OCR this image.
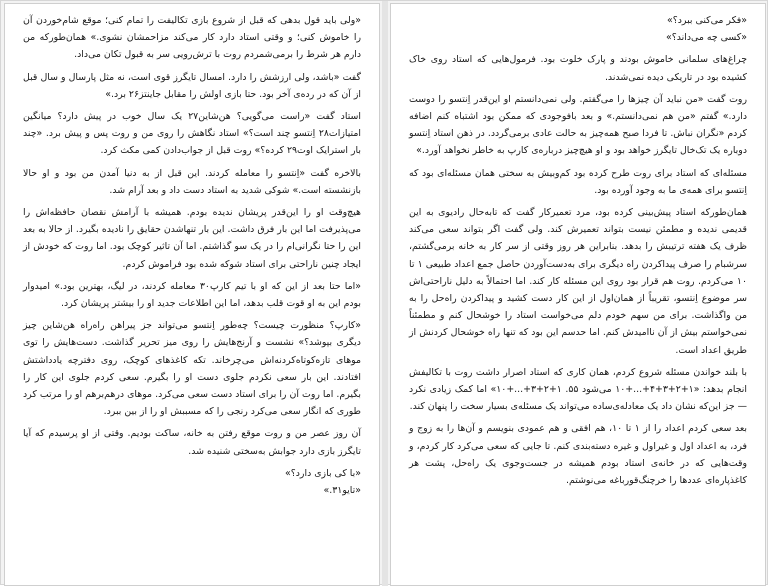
«ولی باید قول بدهی که قبل از شروع بازی تکالیفت را تمام کنی؛ موقع شام‌خوردن آن را خاموش کنی؛ و وقتی استاد دارد کار می‌کند مزاحمشان نشوی.» همان‌طورکه من دارم هر شرط را برمی‌شمردم روت با ترش‌رویی سر به قبول تکان می‌داد.

گفت «باشد، ولی ارزشش را دارد. امسال تایگرز قوی است، نه مثل پارسال و سال قبل از آن که در رده‌ی آخر بود. حتا بازی اولش را مقابل جاینتز۲۶ برد.»

استاد گفت «راست می‌گویی؟ هن‌شاین۲۷ یک سال خوب در پیش دارد؟ میانگین امتیازات۲۸ اِنتسو چند است؟» استاد نگاهش را روی من و روت پس و پیش برد. «چند بار استرایک اوت۲۹ کرده؟» روت قبل از جواب‌دادن کمی مکث کرد.

بالاخره گفت «اِنتسو را معامله کردند. این قبل از به دنیا آمدن من بود و او حالا بازنشسته است.» شوکی شدید به استاد دست داد و بعد آرام شد.

هیچ‌وقت او را این‌قدر پریشان ندیده بودم. همیشه با آرامش نقصان حافظه‌اش را می‌پذیرفت اما این بار فرق داشت. این بار تنها‌شدن حقایق را نادیده بگیرد. از حالا به بعد این را حتا نگرانی‌ام را در یک سو گذاشتم. اما آن تاثیر کوچک بود. اما روت که خودش از ایجاد چنین ناراحتی برای استاد شوکه شده بود فراموش کردم.

«اما حتا بعد از این که او با تیم کارپ۳۰ معامله کردند، در لیگ، بهترین بود.» امیدوار بودم این به او قوت قلب بدهد، اما این اطلاعات جدید او را بیشتر پریشان کرد.

«کارپ؟ منظورت چیست؟ چه‌طور اِنتسو می‌تواند جز پیراهن راه‌راه هن‌شاین چیز دیگری بپوشد؟» نشست و آرنج‌هایش را روی میز تحریر گذاشت. دست‌هایش را توی موهای تازه‌کوتاه‌کردنه‌اش می‌چرخاند. تکه کاغذهای کوچک، روی دفترچه یادداشتش افتادند. این بار سعی نکردم جلوی دست او را بگیرم. سعی کردم جلوی این کار را بگیرم. اما روت آن را برای استاد دست سعی می‌کرد. موهای درهم‌برهم او را مرتب کرد طوری که انگار سعی می‌کرد رنجی را که مسببش او را از بین ببرد.

آن روز عصر من و روت موقع رفتن به خانه، ساکت بودیم. وقتی از او پرسیدم که آیا تایگرز بازی دارد جوابش به‌سختی شنیده شد.

«با کی بازی دارد؟»

«تایو۳۱.»

«فکر می‌کنی ببرد؟»

«کسی چه می‌داند؟»

چراغ‌های سلمانی خاموش بودند و پارک خلوت بود. فرمول‌هایی که استاد روی خاک کشیده بود در تاریکی دیده نمی‌شدند.

روت گفت «من نباید آن چیزها را می‌گفتم. ولی نمی‌دانستم او این‌قدر اِنتسو را دوست دارد.» گفتم «من هم نمی‌دانستم.» و بعد بافوجودی که ممکن بود اشتباه کنم اضافه کردم «نگران نباش. تا فردا صبح همه‌چیز به حالت عادی برمی‌گردد. در ذهن استاد اِنتسو دوباره یک تک‌خال تایگرز خواهد بود و او هیچ‌چیز درباره‌ی کارپ به خاطر نخواهد آورد.»

مسئله‌ای که استاد برای روت طرح کرده بود کم‌وبیش به سختی همان مسئله‌ای بود که اِنتسو برای همه‌ی ما به وجود آورده بود.

همان‌طورکه استاد پیش‌بینی کرده بود، مرد تعمیرکار گفت که تابه‌حال رادیوی به این قدیمی ندیده و مطمئن نیست بتواند تعمیرش کند. ولی گفت اگر بتواند سعی می‌کند ظرف یک هفته ترتیبش را بدهد. بنابراین هر روز وقتی از سر کار به خانه برمی‌گشتم، سرشبام را صرف پیداکردن راه دیگری برای به‌دست‌آوردن حاصل جمع اعداد طبیعی ۱ تا ۱۰ می‌کردم. روت هم قرار بود روی این مسئله کار کند. اما احتمالاً به دلیل ناراحتی‌اش سر موضوع اِنتسو، تقریباً از همان‌اول از این کار دست کشید و پیداکردن راه‌حل را به من واگذاشت. برای من سهم خودم دلم می‌خواست استاد را خوشحال کنم و مطمئناً نمی‌خواستم بیش از آن ناامیدش کنم. اما حدسم این بود که تنها راه خوشحال کردنش از طریق اعداد است.

با بلند خواندن مسئله شروع کردم، همان کاری که استاد اصرار داشت روت با تکالیفش انجام بدهد: «۱+۲+۳+۴+...+۱۰ می‌شود ۵۵. ۱+۲+۳+...+۱۰» اما کمک زیادی نکرد — جز این‌که نشان داد یک معادله‌ی‌ساده می‌تواند یک مسئله‌ی بسیار سخت را پنهان کند.

بعد سعی کردم اعداد را از ۱ تا ۱۰، هم افقی و هم عمودی بنویسم و آن‌ها را به زوج و فرد، به اعداد اول و غیراول و غیره دسته‌بندی کنم. تا جایی که سعی می‌کرد کار کردم، و وقت‌هایی که در خانه‌ی استاد بودم همیشه در جست‌وجوی یک راه‌حل، پشت هر کاغذپاره‌ای عددها را خرچنگ‌قورباغه می‌نوشتم.
